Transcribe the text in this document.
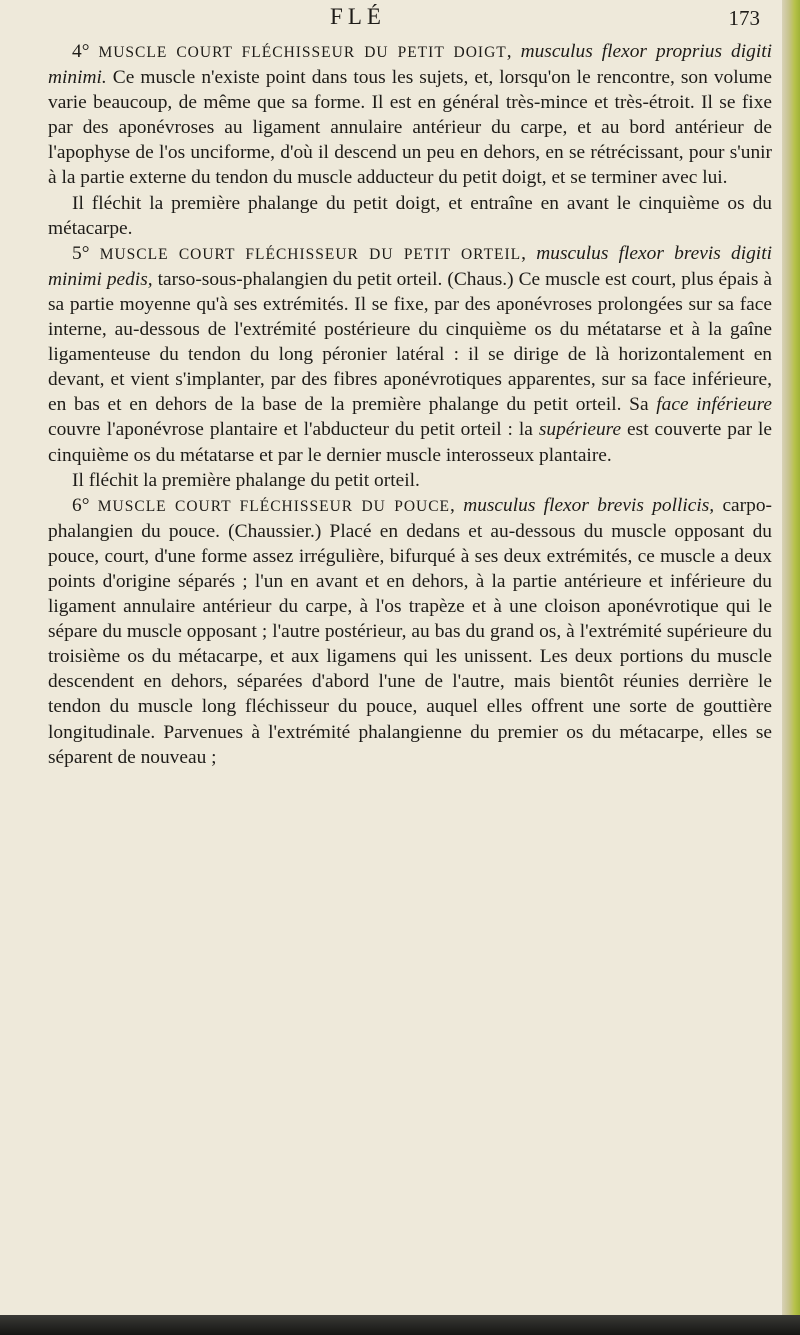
FLÉ	173

4° MUSCLE COURT FLÉCHISSEUR DU PETIT DOIGT, musculus flexor proprius digiti minimi. Ce muscle n'existe point dans tous les sujets, et, lorsqu'on le rencontre, son volume varie beaucoup, de même que sa forme. Il est en général très-mince et très-étroit. Il se fixe par des aponévroses au ligament annulaire antérieur du carpe, et au bord antérieur de l'apophyse de l'os unciforme, d'où il descend un peu en dehors, en se rétrécissant, pour s'unir à la partie externe du tendon du muscle adducteur du petit doigt, et se terminer avec lui.

Il fléchit la première phalange du petit doigt, et entraîne en avant le cinquième os du métacarpe.

5° MUSCLE COURT FLÉCHISSEUR DU PETIT ORTEIL, musculus flexor brevis digiti minimi pedis, tarso-sous-phalangien du petit orteil. (Chaus.) Ce muscle est court, plus épais à sa partie moyenne qu'à ses extrémités. Il se fixe, par des aponévroses prolongées sur sa face interne, au-dessous de l'extrémité postérieure du cinquième os du métatarse et à la gaîne ligamenteuse du tendon du long péronier latéral : il se dirige de là horizontalement en devant, et vient s'implanter, par des fibres aponévrotiques apparentes, sur sa face inférieure, en bas et en dehors de la base de la première phalange du petit orteil. Sa face inférieure couvre l'aponévrose plantaire et l'abducteur du petit orteil : la supérieure est couverte par le cinquième os du métatarse et par le dernier muscle interosseux plantaire.

Il fléchit la première phalange du petit orteil.

6° MUSCLE COURT FLÉCHISSEUR DU POUCE, musculus flexor brevis pollicis, carpo-phalangien du pouce. (Chaussier.) Placé en dedans et au-dessous du muscle opposant du pouce, court, d'une forme assez irrégulière, bifurqué à ses deux extrémités, ce muscle a deux points d'origine séparés ; l'un en avant et en dehors, à la partie antérieure et inférieure du ligament annulaire antérieur du carpe, à l'os trapèze et à une cloison aponévrotique qui le sépare du muscle opposant ; l'autre postérieur, au bas du grand os, à l'extrémité supérieure du troisième os du métacarpe, et aux ligamens qui les unissent. Les deux portions du muscle descendent en dehors, séparées d'abord l'une de l'autre, mais bientôt réunies derrière le tendon du muscle long fléchisseur du pouce, auquel elles offrent une sorte de gouttière longitudinale. Parvenues à l'extrémité phalangienne du premier os du métacarpe, elles se séparent de nouveau ;
